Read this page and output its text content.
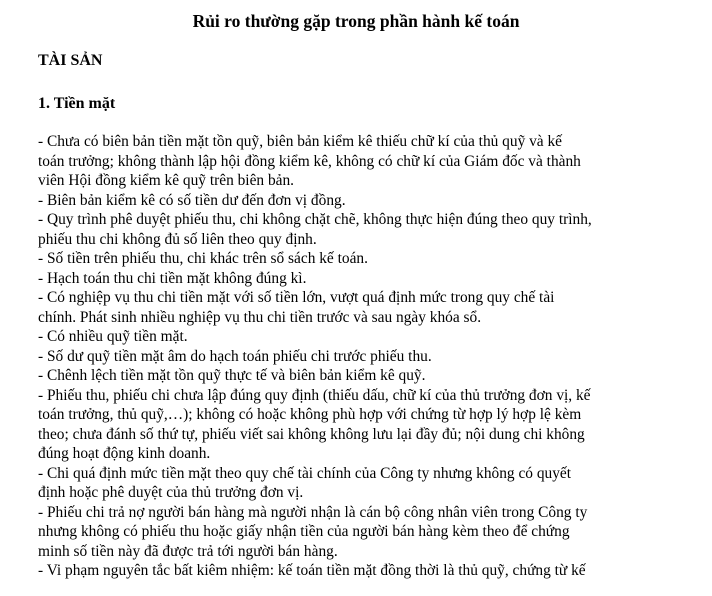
Rủi ro thường gặp trong phần hành kế toán
TÀI SẢN
1. Tiền mặt
- Chưa có biên bản tiền mặt tồn quỹ, biên bản kiểm kê thiếu chữ kí của thủ quỹ và kế
toán trưởng; không thành lập hội đồng kiểm kê, không có chữ kí của Giám đốc và thành
viên Hội đồng kiểm kê quỹ trên biên bản.
- Biên bản kiểm kê có số tiền dư đến đơn vị đồng.
- Quy trình phê duyệt phiếu thu, chi không chặt chẽ, không thực hiện đúng theo quy trình,
phiếu thu chi không đủ số liên theo quy định.
- Số tiền trên phiếu thu, chi khác trên sổ sách kế toán.
- Hạch toán thu chi tiền mặt không đúng kì.
- Có nghiệp vụ thu chi tiền mặt với số tiền lớn, vượt quá định mức trong quy chế tài
chính. Phát sinh nhiều nghiệp vụ thu chi tiền trước và sau ngày khóa sổ.
- Có nhiều quỹ tiền mặt.
- Số dư quỹ tiền mặt âm do hạch toán phiếu chi trước phiếu thu.
- Chênh lệch tiền mặt tồn quỹ thực tế và biên bản kiểm kê quỹ.
- Phiếu thu, phiếu chi chưa lập đúng quy định (thiếu dấu, chữ kí của thủ trưởng đơn vị, kế
toán trưởng, thủ quỹ,…); không có hoặc không phù hợp với chứng từ hợp lý hợp lệ kèm
theo; chưa đánh số thứ tự, phiếu viết sai không không lưu lại đầy đủ; nội dung chi không
đúng hoạt động kinh doanh.
- Chi quá định mức tiền mặt theo quy chế tài chính của Công ty nhưng không có quyết
định hoặc phê duyệt của thủ trưởng đơn vị.
- Phiếu chi trả nợ người bán hàng mà người nhận là cán bộ công nhân viên trong Công ty
nhưng không có phiếu thu hoặc giấy nhận tiền của người bán hàng kèm theo để chứng
minh số tiền này đã được trả tới người bán hàng.
- Vi phạm nguyên tắc bất kiêm nhiệm: kế toán tiền mặt đồng thời là thủ quỹ, chứng từ kế
